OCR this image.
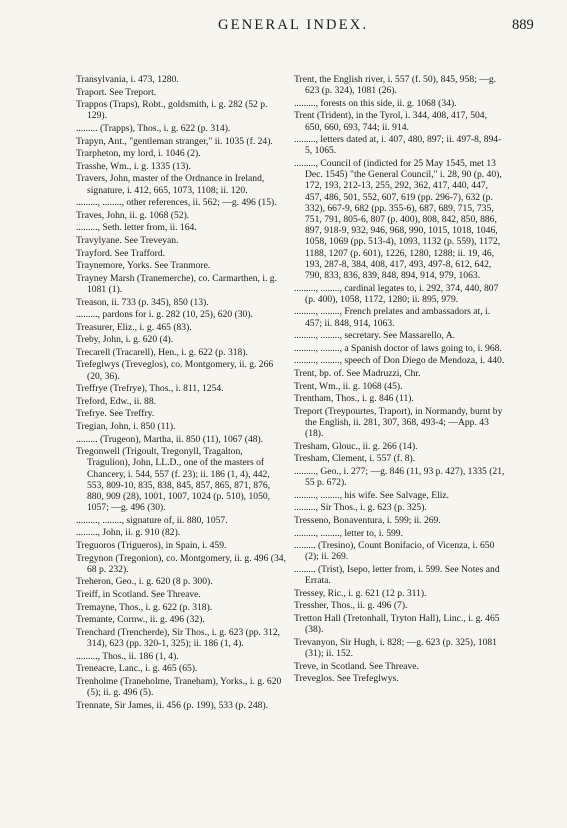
GENERAL INDEX.	889

Transylvania, i. 473, 1280.

Traport. See Treport.

Trappos (Traps), Robt., goldsmith, i. g. 282 (52 p. 129).

......... (Trapps), Thos., i. g. 622 (p. 314).

Trapyn, Ant., "gentleman stranger," ii. 1035 (f. 24).

Trarpheton, my lord, i. 1046 (2).

Trasshe, Wm., i. g. 1335 (13).

Travers, John, master of the Ordnance in Ireland, signature, i. 412, 665, 1073, 1108; ii. 120.

........., ........, other references, ii. 562; —g. 496 (15).

Traves, John, ii. g. 1068 (52).

........., Seth. letter from, ii. 164.

Travylyane. See Treveyan.

Trayford. See Trafford.

Traynemore, Yorks. See Tranmore.

Trayney Marsh (Tranemerche), co. Carmarthen, i. g. 1081 (1).

Treason, ii. 733 (p. 345), 850 (13).

........., pardons for i. g. 282 (10, 25), 620 (30).

Treasurer, Eliz., i. g. 465 (83).

Treby, John, i. g. 620 (4).

Trecarell (Tracarell), Hen., i. g. 622 (p. 318).

Trefeglwys (Treveglos), co. Montgomery, ii. g. 266 (20, 36).

Treffrye (Trefrye), Thos., i. 811, 1254.

Treford, Edw., ii. 88.

Trefrye. See Treffry.

Tregian, John, i. 850 (11).

......... (Trugeon), Martha, ii. 850 (11), 1067 (48).

Tregonwell (Trigoult, Tregonyll, Tragalton, Tragulion), John, LL.D., one of the masters of Chancery, i. 544, 557 (f. 23); ii. 186 (1, 4), 442, 553, 809-10, 835, 838, 845, 857, 865, 871, 876, 880, 909 (28), 1001, 1007, 1024 (p. 510), 1050, 1057; —g. 496 (30).

........., ........, signature of, ii. 880, 1057.

........., John, ii. g. 910 (82).

Treguoros (Trigueros), in Spain, i. 459.

Tregynon (Tregonion), co. Montgomery, ii. g. 496 (34, 68 p. 232).

Treheron, Geo., i. g. 620 (8 p. 300).

Treiff, in Scotland. See Threave.

Tremayne, Thos., i. g. 622 (p. 318).

Tremante, Cornw., ii. g. 496 (32).

Trenchard (Trencherde), Sir Thos., i. g. 623 (pp. 312, 314), 623 (pp. 320-1, 325); ii. 186 (1, 4).

........., Thos., ii. 186 (1, 4).

Treneacre, Lanc., i. g. 465 (65).

Trenholme (Traneholme, Traneham), Yorks., i. g. 620 (5); ii. g. 496 (5).

Trennate, Sir James, ii. 456 (p. 199), 533 (p. 248).

Trent, the English river, i. 557 (f. 50), 845, 958; —g. 623 (p. 324), 1081 (26).

........., forests on this side, ii. g. 1068 (34).

Trent (Trident), in the Tyrol, i. 344, 408, 417, 504, 650, 660, 693, 744; ii. 914.

........., letters dated at, i. 407, 480, 897; ii. 497-8, 894-5, 1065.

........., Council of (indicted for 25 May 1545, met 13 Dec. 1545) "the General Council," i. 28, 90 (p. 40), 172, 193, 212-13, 255, 292, 362, 417, 440, 447, 457, 486, 501, 552, 607, 619 (pp. 296-7), 632 (p. 332), 667-9, 682 (pp. 355-6), 687, 689, 715, 735, 751, 791, 805-6, 807 (p. 400), 808, 842, 850, 886, 897, 918-9, 932, 946, 968, 990, 1015, 1018, 1046, 1058, 1069 (pp. 513-4), 1093, 1132 (p. 559), 1172, 1188, 1207 (p. 601), 1226, 1280, 1288; ii. 19, 46, 193, 287-8, 384, 408, 417, 493, 497-8, 612, 642, 790, 833, 836, 839, 848, 894, 914, 979, 1063.

........., ........, cardinal legates to, i. 292, 374, 440, 807 (p. 400), 1058, 1172, 1280; ii. 895, 979.

........., ........, French prelates and ambassadors at, i. 457; ii. 848, 914, 1063.

........., ........, secretary. See Massarello, A.

........., ........, a Spanish doctor of laws going to, i. 968.

........., ........, speech of Don Diego de Mendoza, i. 440.

Trent, bp. of. See Madruzzi, Chr.

Trent, Wm., ii. g. 1068 (45).

Trentham, Thos., i. g. 846 (11).

Treport (Treypourtes, Traport), in Normandy, burnt by the English, ii. 281, 307, 368, 493-4; —App. 43 (18).

Tresham, Glouc., ii. g. 266 (14).

Tresham, Clement, i. 557 (f. 8).

........., Geo., i. 277; —g. 846 (11, 93 p. 427), 1335 (21, 55 p. 672).

........., ........, his wife. See Salvage, Eliz.

........., Sir Thos., i. g. 623 (p. 325).

Tresseno, Bonaventura, i. 599; ii. 269.

........., ........, letter to, i. 599.

......... (Tresino), Count Bonifacio, of Vicenza, i. 650 (2); ii. 269.

......... (Trist), Isepo, letter from, i. 599. See Notes and Errata.

Tressey, Ric., i. g. 621 (12 p. 311).

Tressher, Thos., ii. g. 496 (7).

Tretton Hall (Tretonhall, Tryton Hall), Linc., i. g. 465 (38).

Trevanyon, Sir Hugh, i. 828; —g. 623 (p. 325), 1081 (31); ii. 152.

Treve, in Scotland. See Threave.

Treveglos. See Trefeglwys.
